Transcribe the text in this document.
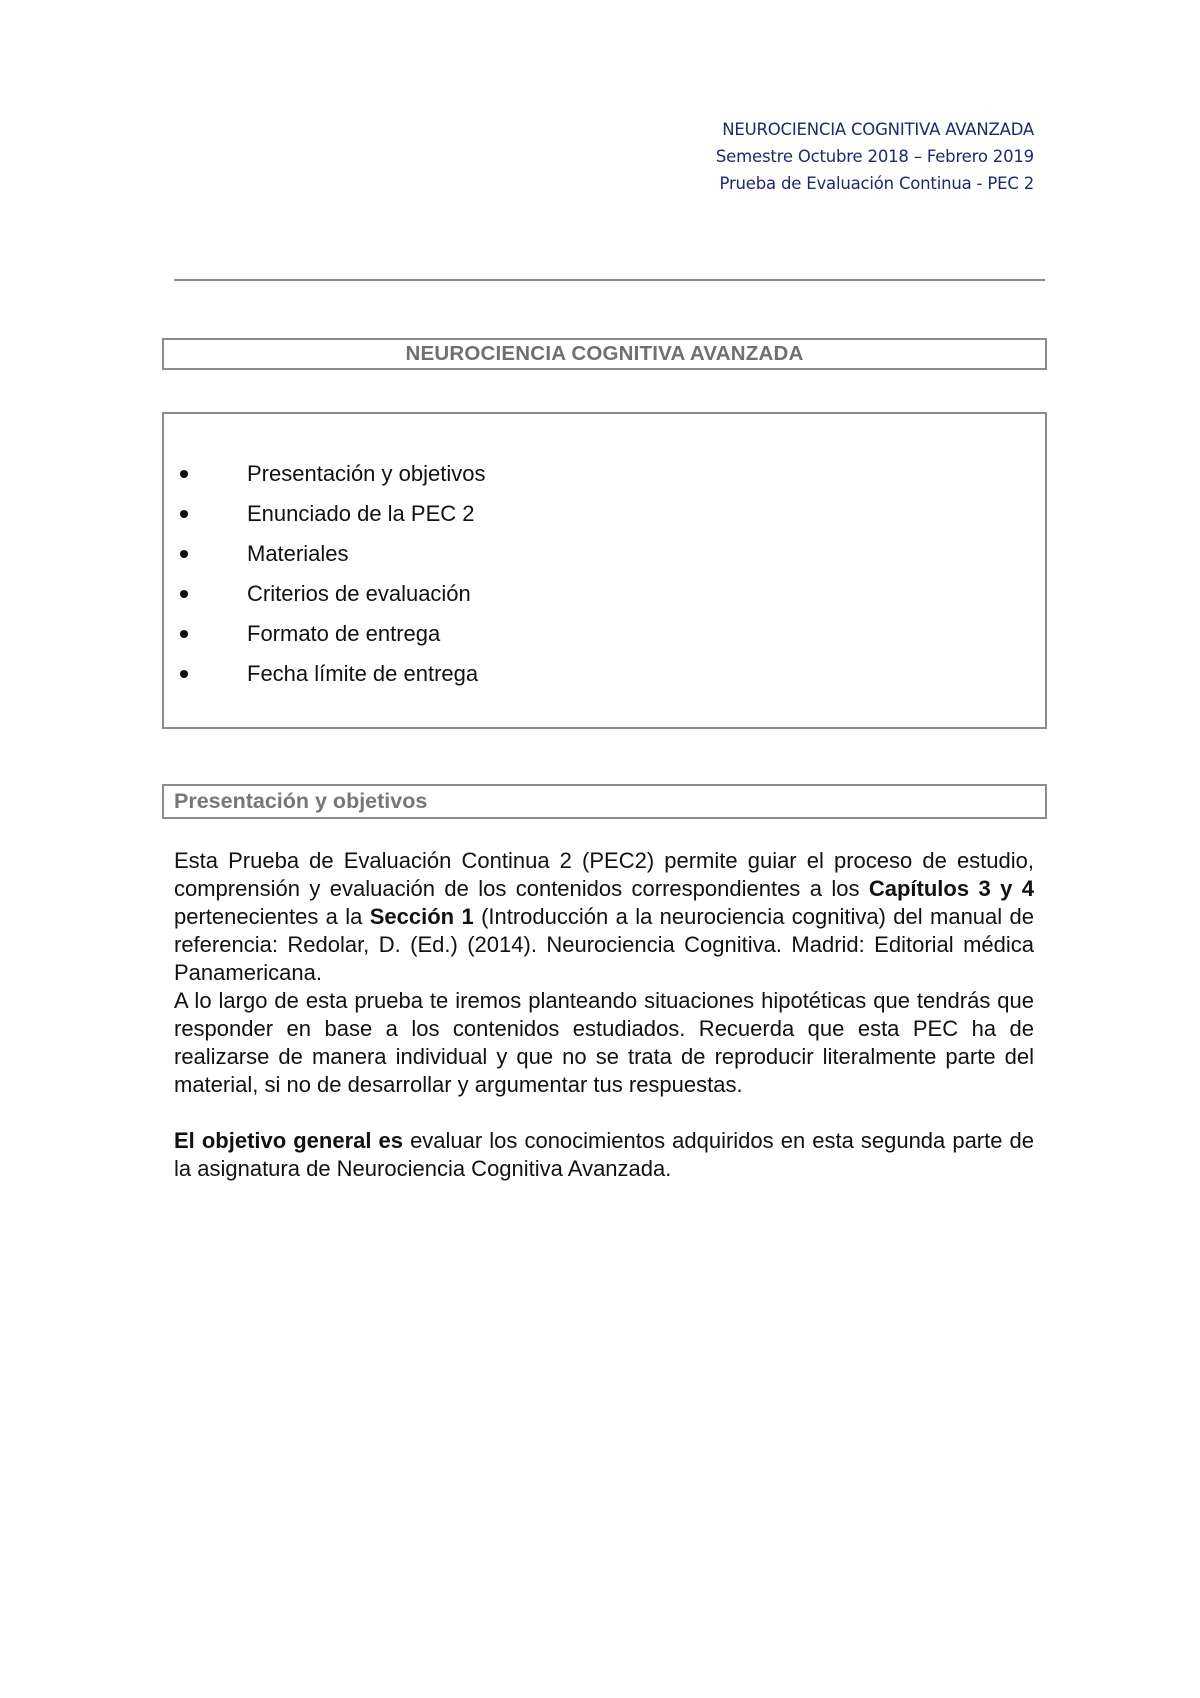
NEUROCIENCIA COGNITIVA AVANZADA
Semestre Octubre 2018 – Febrero 2019
Prueba de Evaluación Continua - PEC 2
NEUROCIENCIA COGNITIVA AVANZADA
Presentación y objetivos
Enunciado de la PEC 2
Materiales
Criterios de evaluación
Formato de entrega
Fecha límite de entrega
Presentación y objetivos

Esta Prueba de Evaluación Continua 2 (PEC2) permite guiar el proceso de estudio, comprensión y evaluación de los contenidos correspondientes a los Capítulos 3 y 4 pertenecientes a la Sección 1 (Introducción a la neurociencia cognitiva) del manual de referencia: Redolar, D. (Ed.) (2014). Neurociencia Cognitiva. Madrid: Editorial médica Panamericana.

A lo largo de esta prueba te iremos planteando situaciones hipotéticas que tendrás que responder en base a los contenidos estudiados. Recuerda que esta PEC ha de realizarse de manera individual y que no se trata de reproducir literalmente parte del material, si no de desarrollar y argumentar tus respuestas.

El objetivo general es evaluar los conocimientos adquiridos en esta segunda parte de la asignatura de Neurociencia Cognitiva Avanzada.
